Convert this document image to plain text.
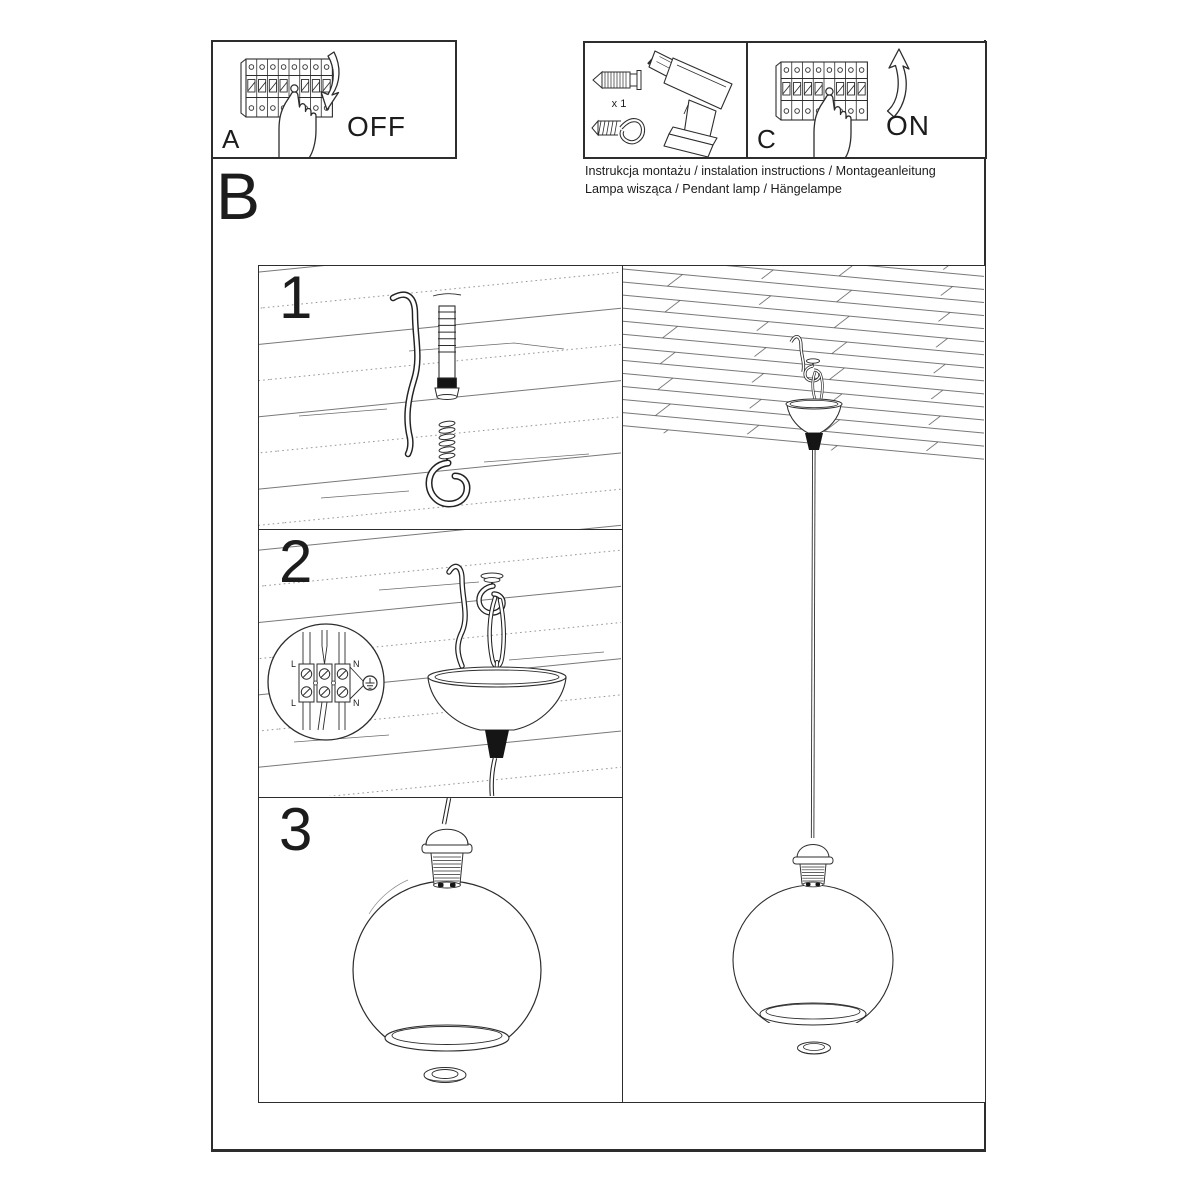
A	OFF
x 1
C	ON
Instrukcja montażu / instalation instructions / Montageanleitung
Lampa wisząca / Pendant lamp / Hängelampe
B
1
L	N
L	N
2
3
